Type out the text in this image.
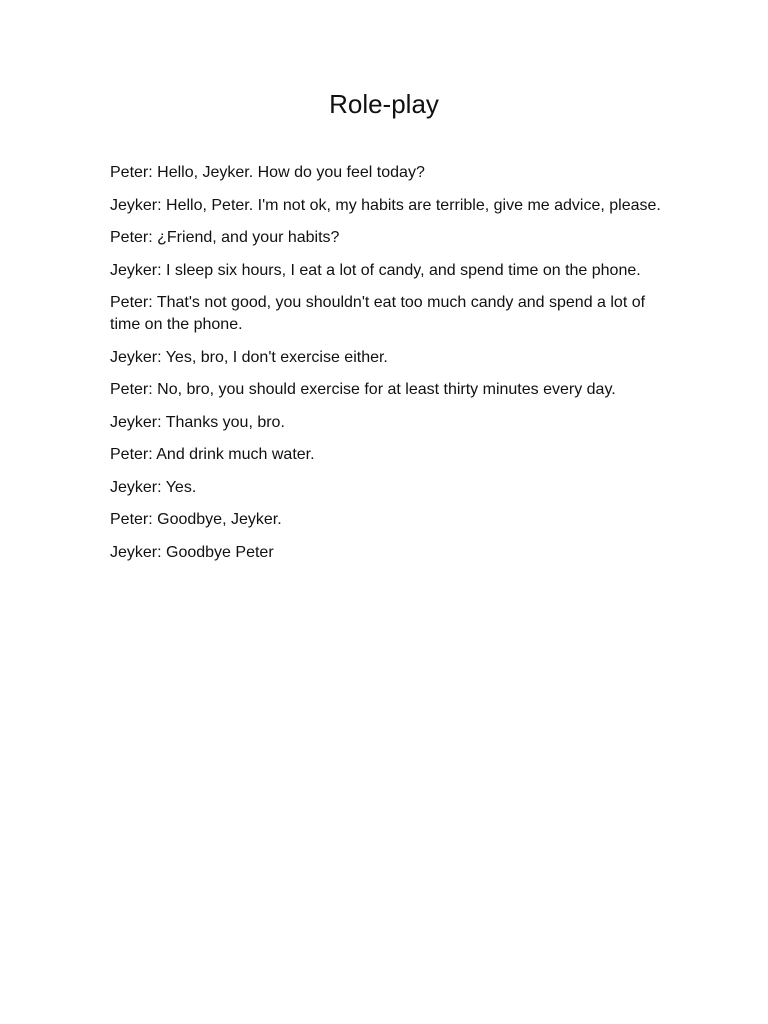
Role-play

Peter: Hello, Jeyker. How do you feel today?

Jeyker: Hello, Peter. I'm not ok, my habits are terrible, give me advice, please.

Peter: ¿Friend, and your habits?

Jeyker: I sleep six hours, I eat a lot of candy, and spend time on the phone.

Peter: That's not good, you shouldn't eat too much candy and spend a lot of time on the phone.

Jeyker: Yes, bro, I don't exercise either.

Peter: No, bro, you should exercise for at least thirty minutes every day.

Jeyker: Thanks you, bro.

Peter: And drink much water.

Jeyker: Yes.

Peter: Goodbye, Jeyker.

Jeyker: Goodbye Peter
